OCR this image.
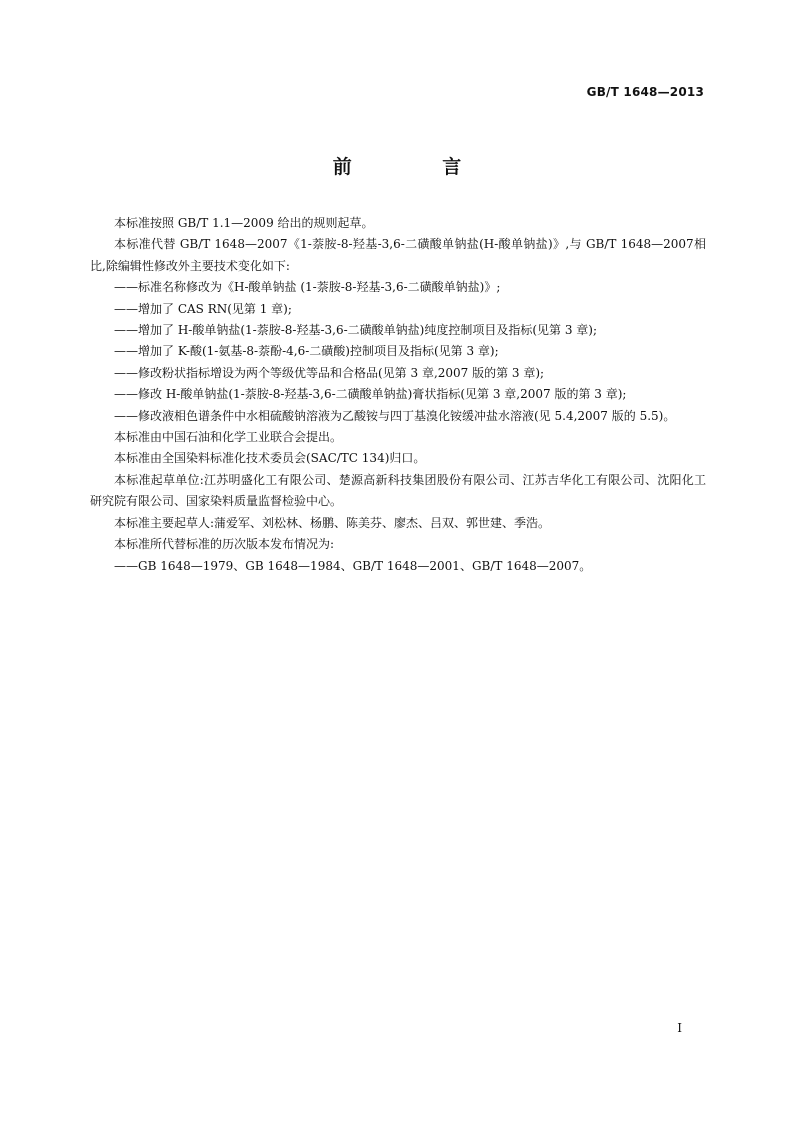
GB/T 1648—2013
前 言

本标准按照 GB/T 1.1—2009 给出的规则起草。

本标准代替 GB/T 1648—2007《1-萘胺-8-羟基-3,6-二磺酸单钠盐(H-酸单钠盐)》,与 GB/T 1648—2007相比,除编辑性修改外主要技术变化如下:

——标准名称修改为《H-酸单钠盐 (1-萘胺-8-羟基-3,6-二磺酸单钠盐)》;

——增加了 CAS RN(见第 1 章);

——增加了 H-酸单钠盐(1-萘胺-8-羟基-3,6-二磺酸单钠盐)纯度控制项目及指标(见第 3 章);

——增加了 K-酸(1-氨基-8-萘酚-4,6-二磺酸)控制项目及指标(见第 3 章);

——修改粉状指标增设为两个等级优等品和合格品(见第 3 章,2007 版的第 3 章);

——修改 H-酸单钠盐(1-萘胺-8-羟基-3,6-二磺酸单钠盐)膏状指标(见第 3 章,2007 版的第 3 章);

——修改液相色谱条件中水相硫酸钠溶液为乙酸铵与四丁基溴化铵缓冲盐水溶液(见 5.4,2007 版的 5.5)。

本标准由中国石油和化学工业联合会提出。

本标准由全国染料标准化技术委员会(SAC/TC 134)归口。

本标准起草单位:江苏明盛化工有限公司、楚源高新科技集团股份有限公司、江苏吉华化工有限公司、沈阳化工研究院有限公司、国家染料质量监督检验中心。

本标准主要起草人:蒲爱军、刘松林、杨鹏、陈美芬、廖杰、吕双、郭世建、季浩。

本标准所代替标准的历次版本发布情况为:

——GB 1648—1979、GB 1648—1984、GB/T 1648—2001、GB/T 1648—2007。

I
